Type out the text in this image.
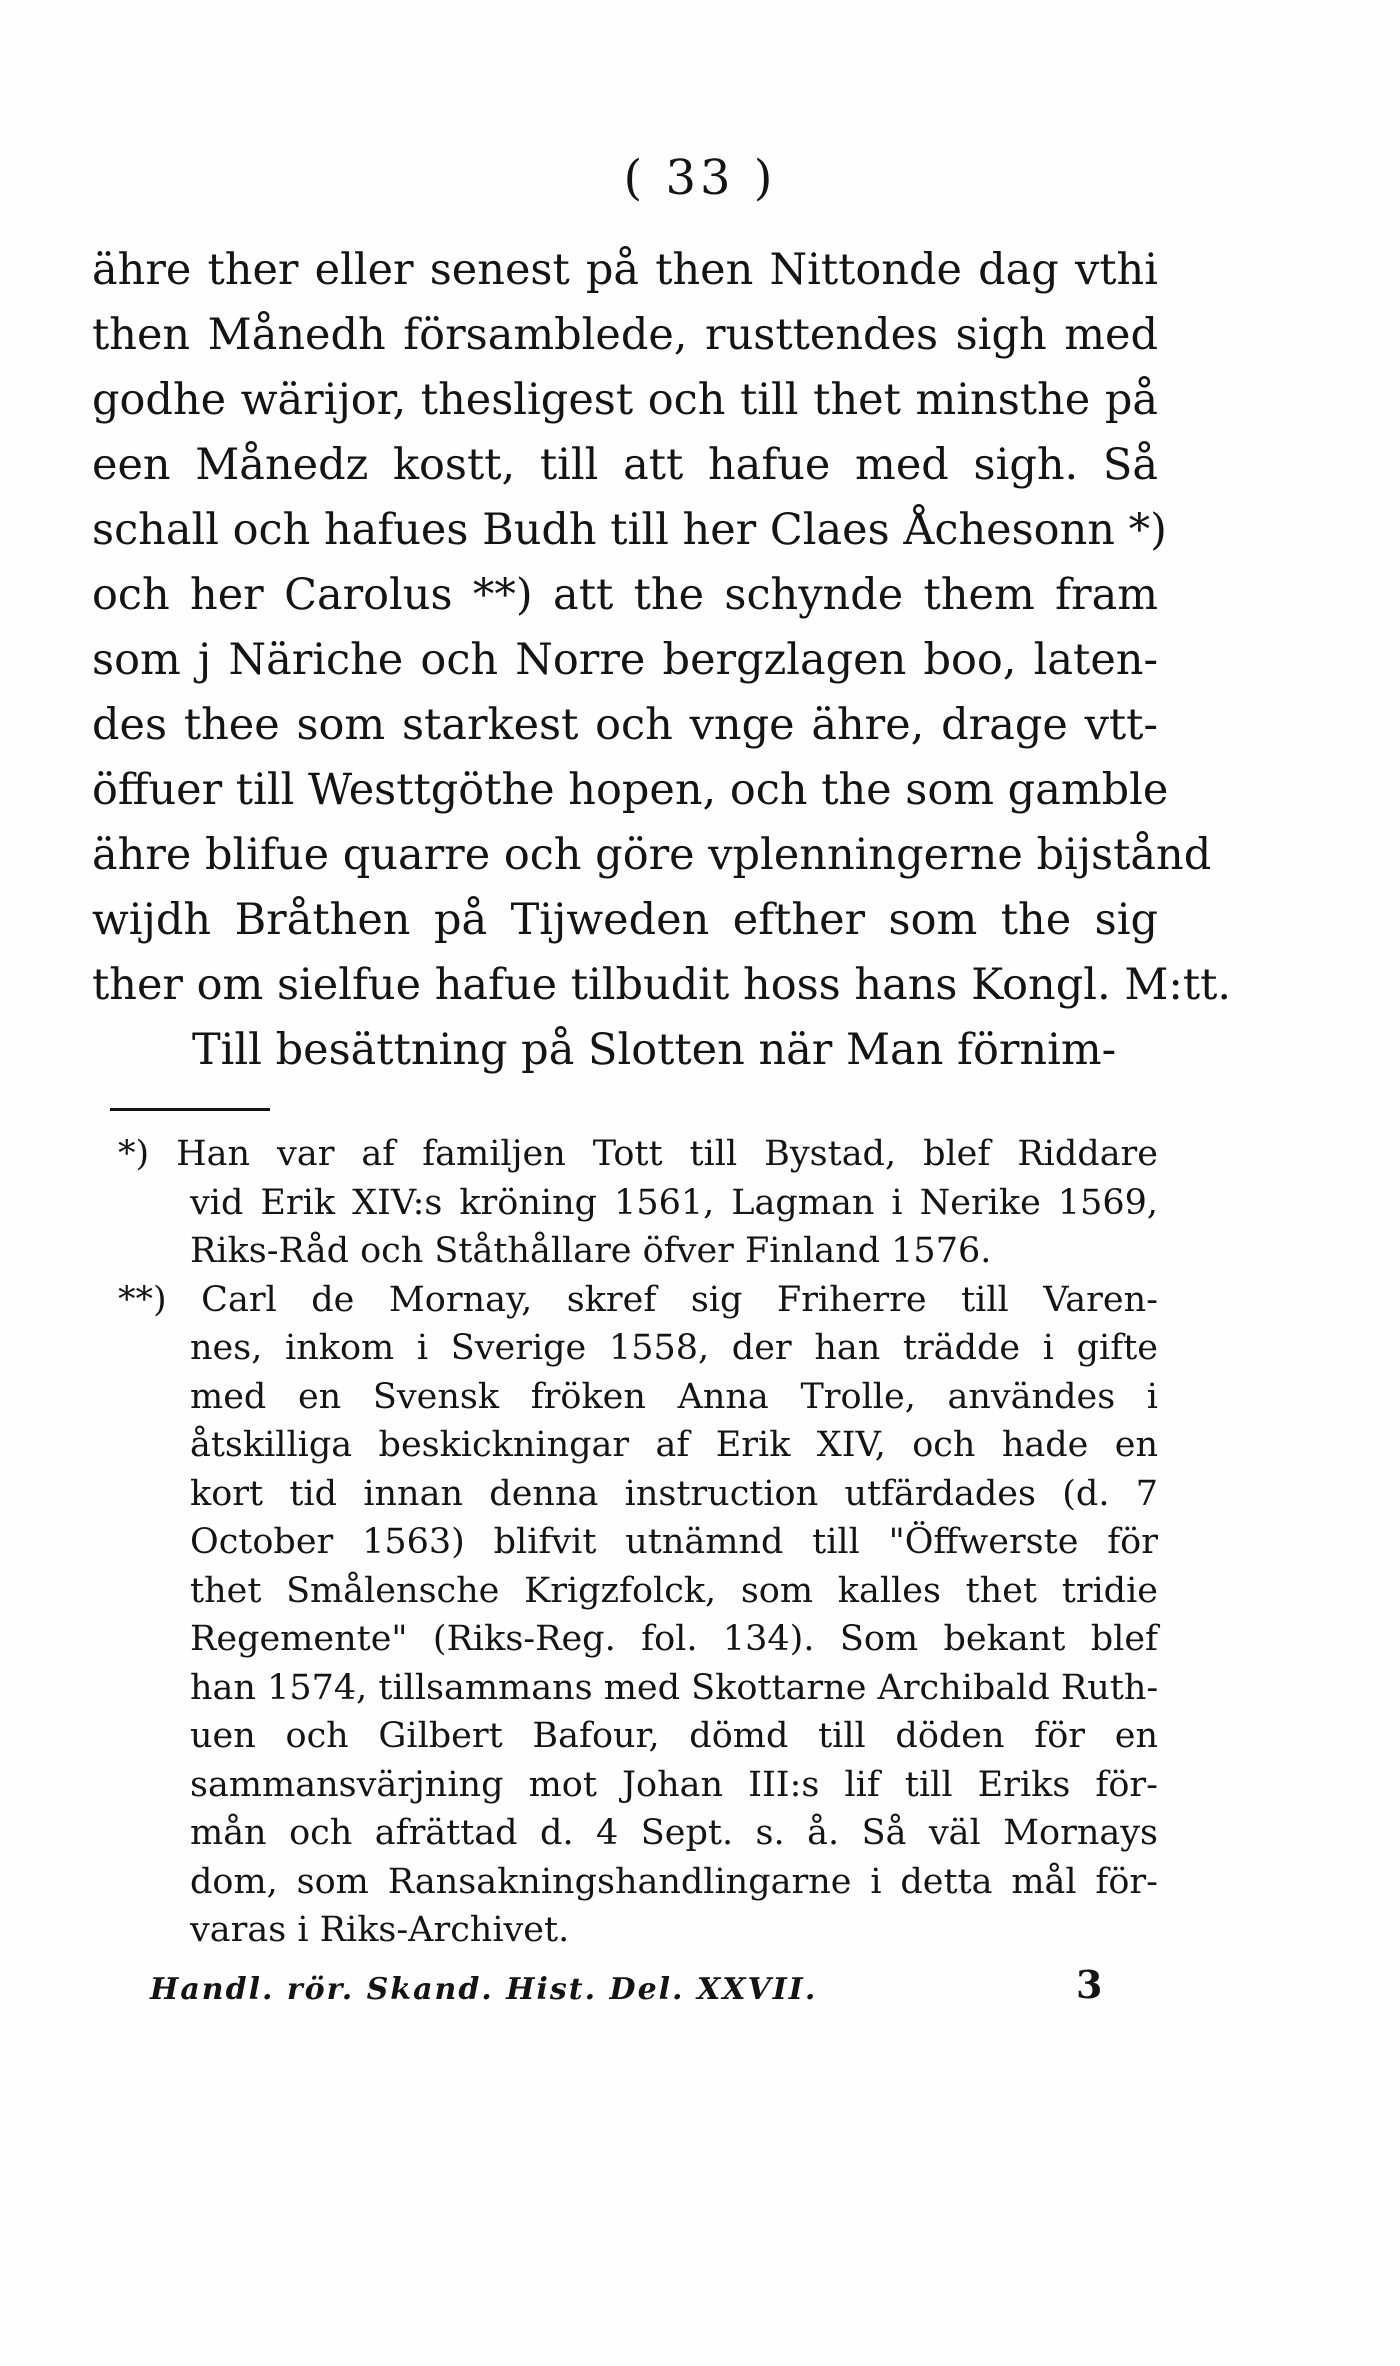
( 33 )
ähre ther eller senest på then Nittonde dag vthi
then Månedh församblede, rusttendes sigh med
godhe wärijor, thesligest och till thet minsthe på
een Månedz kostt, till att hafue med sigh. Så
schall och hafues Budh till her Claes Åchesonn *)
och her Carolus **) att the schynde them fram
som j Näriche och Norre bergzlagen boo, laten-
des thee som starkest och vnge ähre, drage vtt-
öffuer till Westtgöthe hopen, och the som gamble
ähre blifue quarre och göre vplenningerne bijstånd
wijdh Bråthen på Tijweden efther som the sig
ther om sielfue hafue tilbudit hoss hans Kongl. M:tt.
Till besättning på Slotten när Man förnim-
*) Han var af familjen Tott till Bystad, blef Riddare
vid Erik XIV:s kröning 1561, Lagman i Nerike 1569,
Riks-Råd och Ståthållare öfver Finland 1576.
**) Carl de Mornay, skref sig Friherre till Varen-
nes, inkom i Sverige 1558, der han trädde i gifte
med en Svensk fröken Anna Trolle, användes i
åtskilliga beskickningar af Erik XIV, och hade en
kort tid innan denna instruction utfärdades (d. 7
October 1563) blifvit utnämnd till "Öffwerste för
thet Smålensche Krigzfolck, som kalles thet tridie
Regemente" (Riks-Reg. fol. 134). Som bekant blef
han 1574, tillsammans med Skottarne Archibald Ruth-
uen och Gilbert Bafour, dömd till döden för en
sammansvärjning mot Johan III:s lif till Eriks för-
mån och afrättad d. 4 Sept. s. å. Så väl Mornays
dom, som Ransakningshandlingarne i detta mål för-
varas i Riks-Archivet.
Handl. rör. Skand. Hist. Del. XXVII.	3
